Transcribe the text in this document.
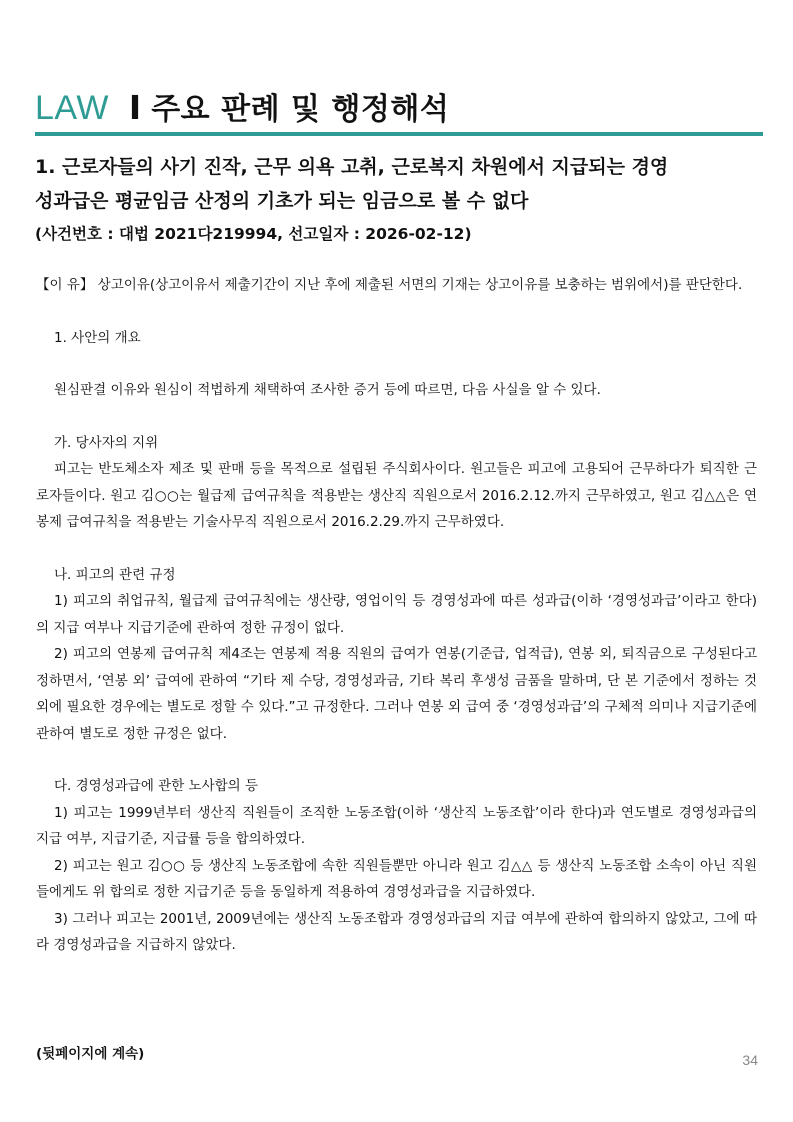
LAW I 주요 판례 및 행정해석
1. 근로자들의 사기 진작, 근무 의욕 고취, 근로복지 차원에서 지급되는 경영
성과급은 평균임금 산정의 기초가 되는 임금으로 볼 수 없다
(사건번호 : 대법 2021다219994, 선고일자 : 2026-02-12)

【이 유】 상고이유(상고이유서 제출기간이 지난 후에 제출된 서면의 기재는 상고이유를 보충하는 범위에서)를 판단한다.

1. 사안의 개요

원심판결 이유와 원심이 적법하게 채택하여 조사한 증거 등에 따르면, 다음 사실을 알 수 있다.

가. 당사자의 지위

피고는 반도체소자 제조 및 판매 등을 목적으로 설립된 주식회사이다. 원고들은 피고에 고용되어 근무하다가 퇴직한 근로자들이다. 원고 김○○는 월급제 급여규칙을 적용받는 생산직 직원으로서 2016.2.12.까지 근무하였고, 원고 김△△은 연봉제 급여규칙을 적용받는 기술사무직 직원으로서 2016.2.29.까지 근무하였다.

나. 피고의 관련 규정

1) 피고의 취업규칙, 월급제 급여규칙에는 생산량, 영업이익 등 경영성과에 따른 성과급(이하 ‘경영성과급’이라고 한다)의 지급 여부나 지급기준에 관하여 정한 규정이 없다.

2) 피고의 연봉제 급여규칙 제4조는 연봉제 적용 직원의 급여가 연봉(기준급, 업적급), 연봉 외, 퇴직금으로 구성된다고 정하면서, ‘연봉 외’ 급여에 관하여 “기타 제 수당, 경영성과금, 기타 복리 후생성 금품을 말하며, 단 본 기준에서 정하는 것 외에 필요한 경우에는 별도로 정할 수 있다.”고 규정한다. 그러나 연봉 외 급여 중 ‘경영성과급’의 구체적 의미나 지급기준에 관하여 별도로 정한 규정은 없다.

다. 경영성과급에 관한 노사합의 등

1) 피고는 1999년부터 생산직 직원들이 조직한 노동조합(이하 ‘생산직 노동조합’이라 한다)과 연도별로 경영성과급의 지급 여부, 지급기준, 지급률 등을 합의하였다.

2) 피고는 원고 김○○ 등 생산직 노동조합에 속한 직원들뿐만 아니라 원고 김△△ 등 생산직 노동조합 소속이 아닌 직원들에게도 위 합의로 정한 지급기준 등을 동일하게 적용하여 경영성과급을 지급하였다.

3) 그러나 피고는 2001년, 2009년에는 생산직 노동조합과 경영성과급의 지급 여부에 관하여 합의하지 않았고, 그에 따라 경영성과급을 지급하지 않았다.

(뒷페이지에 계속)	34
